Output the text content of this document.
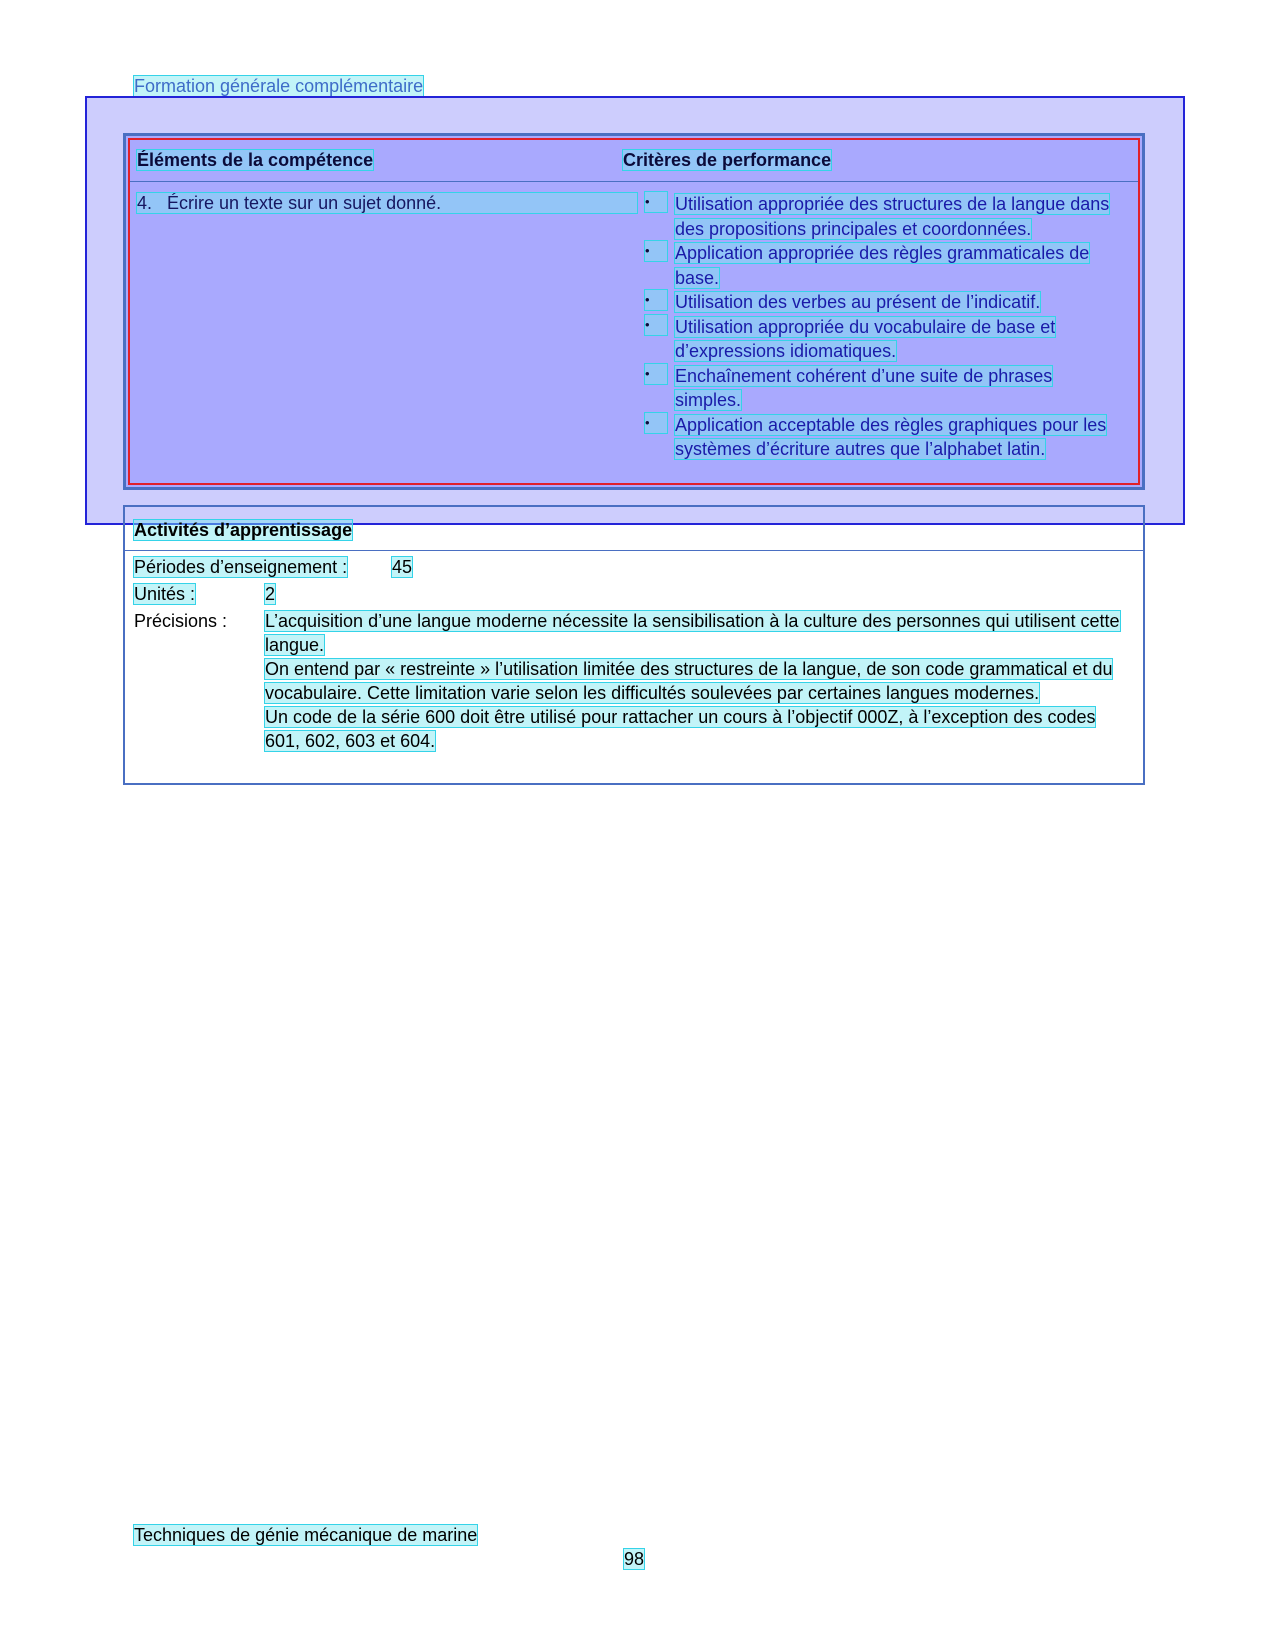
Formation générale complémentaire
Éléments de la compétence	Critères de performance
4.   Écrire un texte sur un sujet donné.	•	Utilisation appropriée des structures de la langue dans des propositions principales et coordonnées.
•	Application appropriée des règles grammaticales de base.
•	Utilisation des verbes au présent de l’indicatif.
•	Utilisation appropriée du vocabulaire de base et d’expressions idiomatiques.
•	Enchaînement cohérent d’une suite de phrases simples.
•	Application acceptable des règles graphiques pour les systèmes d’écriture autres que l’alphabet latin.
Activités d’apprentissage
Périodes d’enseignement : 45
Unités :	2
Précisions : L’acquisition d’une langue moderne nécessite la sensibilisation à la culture des personnes qui utilisent cette langue.

On entend par « restreinte » l’utilisation limitée des structures de la langue, de son code grammatical et du vocabulaire. Cette limitation varie selon les difficultés soulevées par certaines langues modernes.

Un code de la série 600 doit être utilisé pour rattacher un cours à l’objectif 000Z, à l’exception des codes 601, 602, 603 et 604.

Techniques de génie mécanique de marine
98
